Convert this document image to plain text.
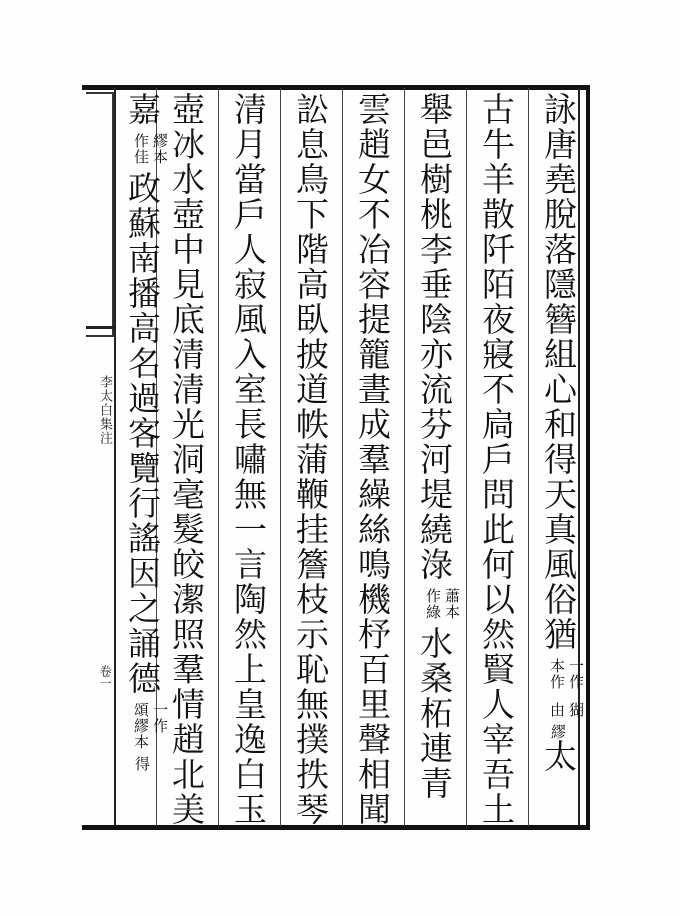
李太白集注
卷一
詠唐堯脫落隱簪組心和得天真風俗猶
一作
本作
猢
由
繆太
古牛羊散阡陌夜寢不扃戶問此何以然賢人宰吾土
舉邑樹桃李垂陰亦流芬河堤繞淥
蕭本
作綠
水桑柘連青
雲趙女不冶容提籠晝成羣繰絲鳴機杼百里聲相聞
訟息鳥下階高臥披道帙蒲鞭挂簷枝示恥無撲抶琴
清月當戶人寂風入室長嘯無一言陶然上皇逸白玉
壺冰水壺中見底清清光洞毫髮皎潔照羣情趙北美
嘉
繆本
作佳
政蘇南播高名過客覽行謠因之誦德
一作
頌繆本
得
